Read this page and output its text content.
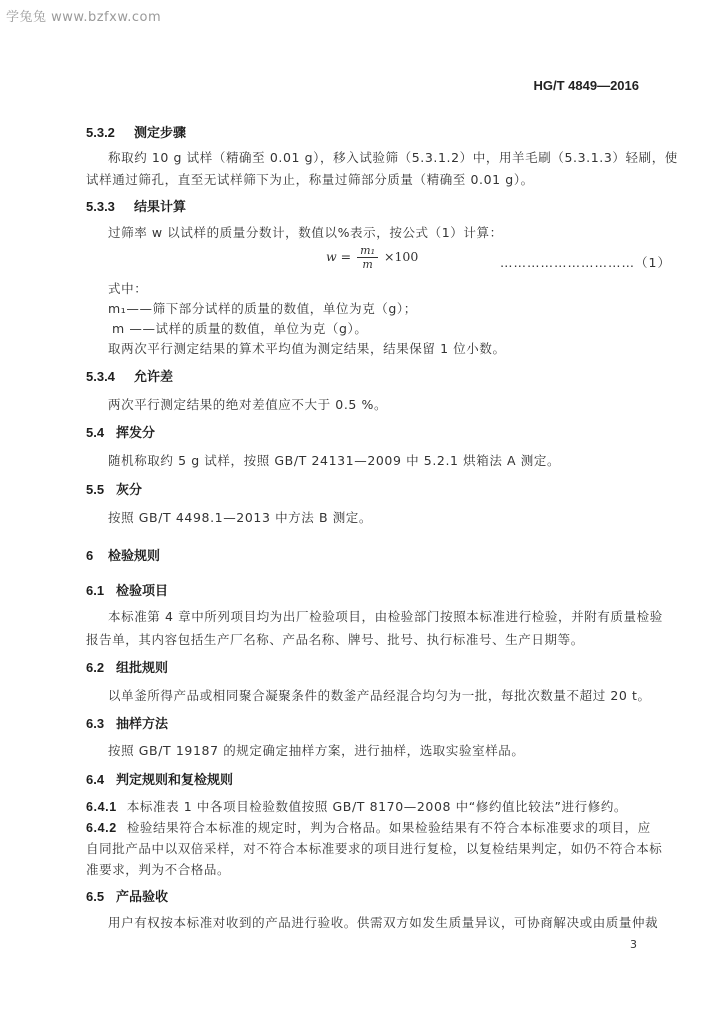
学兔兔 www.bzfxw.com
HG/T 4849—2016
5.3.2 测定步骤
称取约 10 g 试样（精确至 0.01 g），移入试验筛（5.3.1.2）中，用羊毛刷（5.3.1.3）轻刷，使
试样通过筛孔，直至无试样筛下为止，称量过筛部分质量（精确至 0.01 g）。
5.3.3 结果计算
过筛率 w 以试样的质量分数计，数值以%表示，按公式（1）计算：
$w = \frac{\text{m₁}}{m} \times 100$	…………………………（1）
式中：
m₁——筛下部分试样的质量的数值，单位为克（g）；
m ——试样的质量的数值，单位为克（g）。
取两次平行测定结果的算术平均值为测定结果，结果保留 1 位小数。
5.3.4 允许差
两次平行测定结果的绝对差值应不大于 0.5 %。
5.4 挥发分
随机称取约 5 g 试样，按照 GB/T 24131—2009 中 5.2.1 烘箱法 A 测定。
5.5 灰分
按照 GB/T 4498.1—2013 中方法 B 测定。
6 检验规则
6.1 检验项目
本标准第 4 章中所列项目均为出厂检验项目，由检验部门按照本标准进行检验，并附有质量检验
报告单，其内容包括生产厂名称、产品名称、牌号、批号、执行标准号、生产日期等。
6.2 组批规则
以单釜所得产品或相同聚合凝聚条件的数釜产品经混合均匀为一批，每批次数量不超过 20 t。
6.3 抽样方法
按照 GB/T 19187 的规定确定抽样方案，进行抽样，选取实验室样品。
6.4 判定规则和复检规则
6.4.1 本标准表 1 中各项目检验数值按照 GB/T 8170—2008 中“修约值比较法”进行修约。
6.4.2 检验结果符合本标准的规定时，判为合格品。如果检验结果有不符合本标准要求的项目，应
自同批产品中以双倍采样，对不符合本标准要求的项目进行复检，以复检结果判定，如仍不符合本标
准要求，判为不合格品。
6.5 产品验收
用户有权按本标准对收到的产品进行验收。供需双方如发生质量异议，可协商解决或由质量仲裁
3
